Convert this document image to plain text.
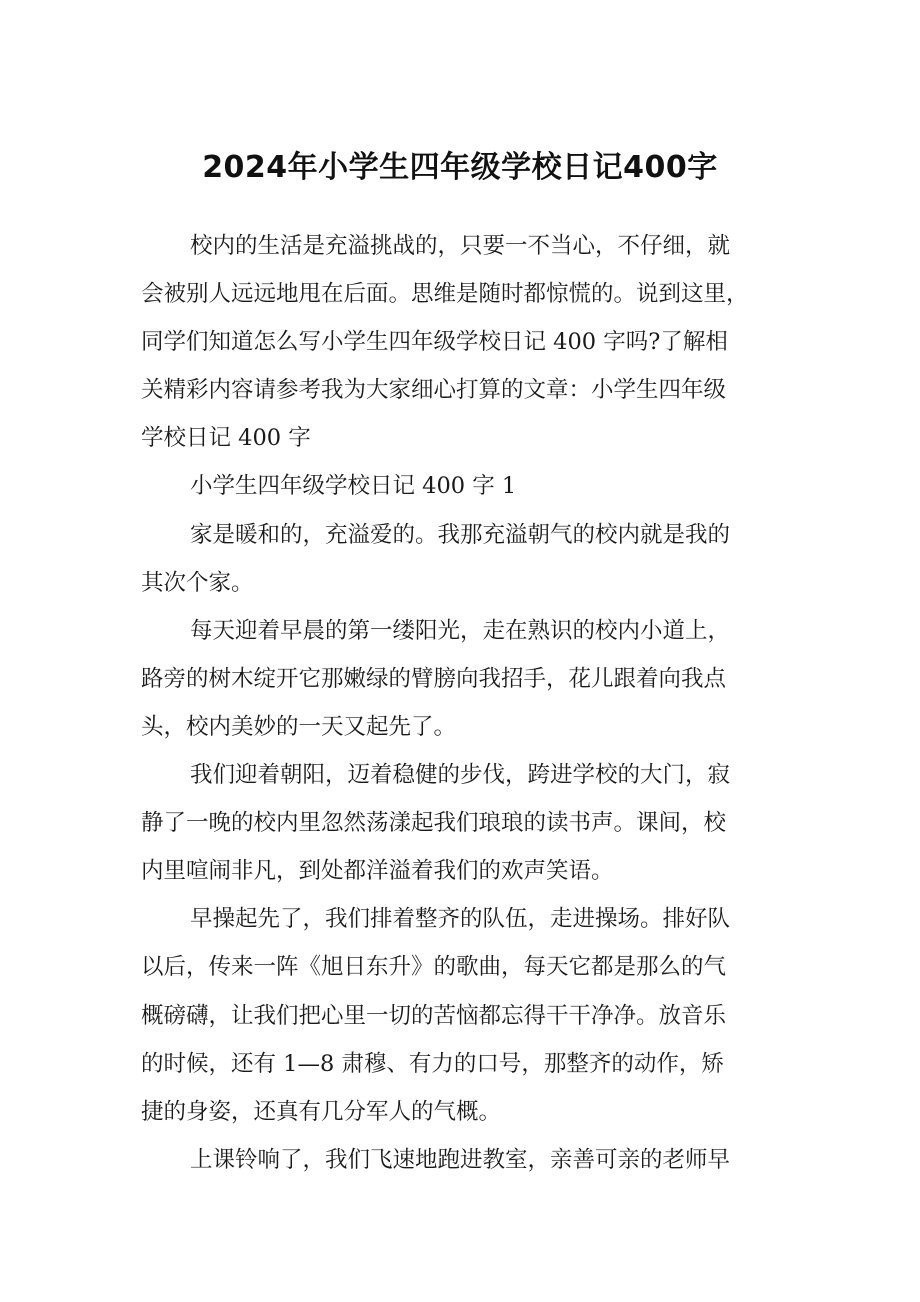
2024年小学生四年级学校日记400字
校内的生活是充溢挑战的，只要一不当心，不仔细，就
会被别人远远地甩在后面。思维是随时都惊慌的。说到这里，
同学们知道怎么写小学生四年级学校日记 400 字吗?了解相
关精彩内容请参考我为大家细心打算的文章：小学生四年级
学校日记 400 字
小学生四年级学校日记 400 字 1
家是暖和的，充溢爱的。我那充溢朝气的校内就是我的
其次个家。
每天迎着早晨的第一缕阳光，走在熟识的校内小道上，
路旁的树木绽开它那嫩绿的臂膀向我招手，花儿跟着向我点
头，校内美妙的一天又起先了。
我们迎着朝阳，迈着稳健的步伐，跨进学校的大门，寂
静了一晚的校内里忽然荡漾起我们琅琅的读书声。课间，校
内里喧闹非凡，到处都洋溢着我们的欢声笑语。
早操起先了，我们排着整齐的队伍，走进操场。排好队
以后，传来一阵《旭日东升》的歌曲，每天它都是那么的气
概磅礴，让我们把心里一切的苦恼都忘得干干净净。放音乐
的时候，还有 1—8 肃穆、有力的口号，那整齐的动作，矫
捷的身姿，还真有几分军人的气概。
上课铃响了，我们飞速地跑进教室，亲善可亲的老师早
